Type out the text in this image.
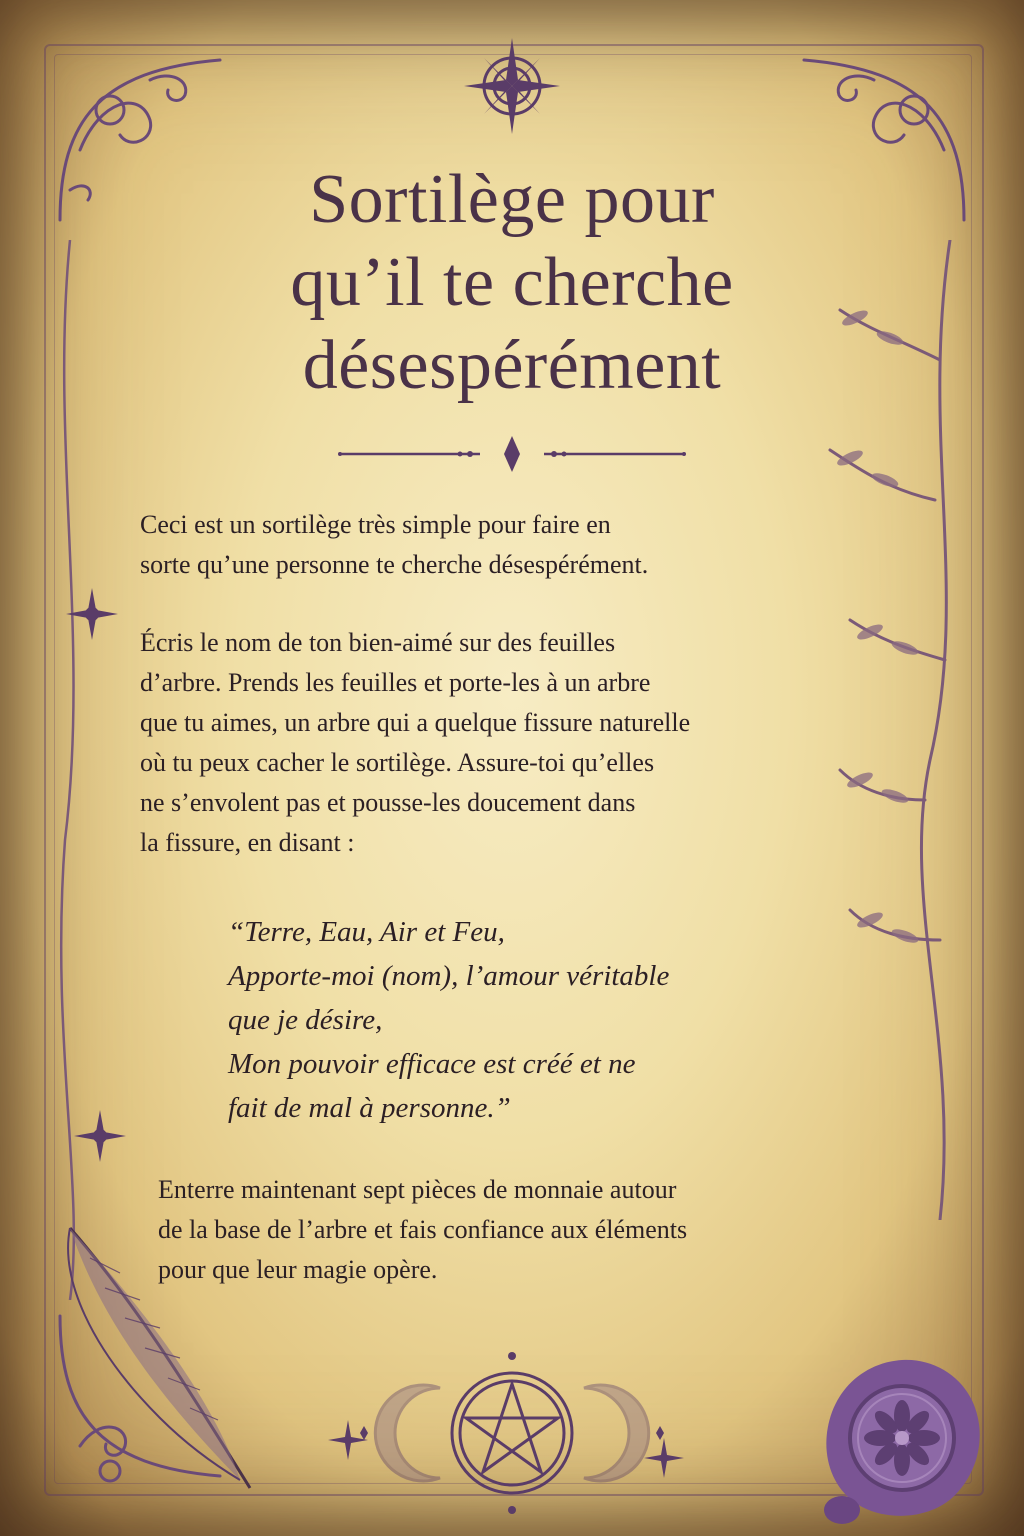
Sortilège pour
qu’il te cherche
désespérément
Ceci est un sortilège très simple pour faire en
sorte qu’une personne te cherche désespérément.
Écris le nom de ton bien-aimé sur des feuilles
d’arbre. Prends les feuilles et porte-les à un arbre
que tu aimes, un arbre qui a quelque fissure naturelle
où tu peux cacher le sortilège. Assure-toi qu’elles
ne s’envolent pas et pousse-les doucement dans
la fissure, en disant :
“Terre, Eau, Air et Feu,
Apporte-moi (nom), l’amour véritable
que je désire,
Mon pouvoir efficace est créé et ne
fait de mal à personne.”
Enterre maintenant sept pièces de monnaie autour
de la base de l’arbre et fais confiance aux éléments
pour que leur magie opère.
